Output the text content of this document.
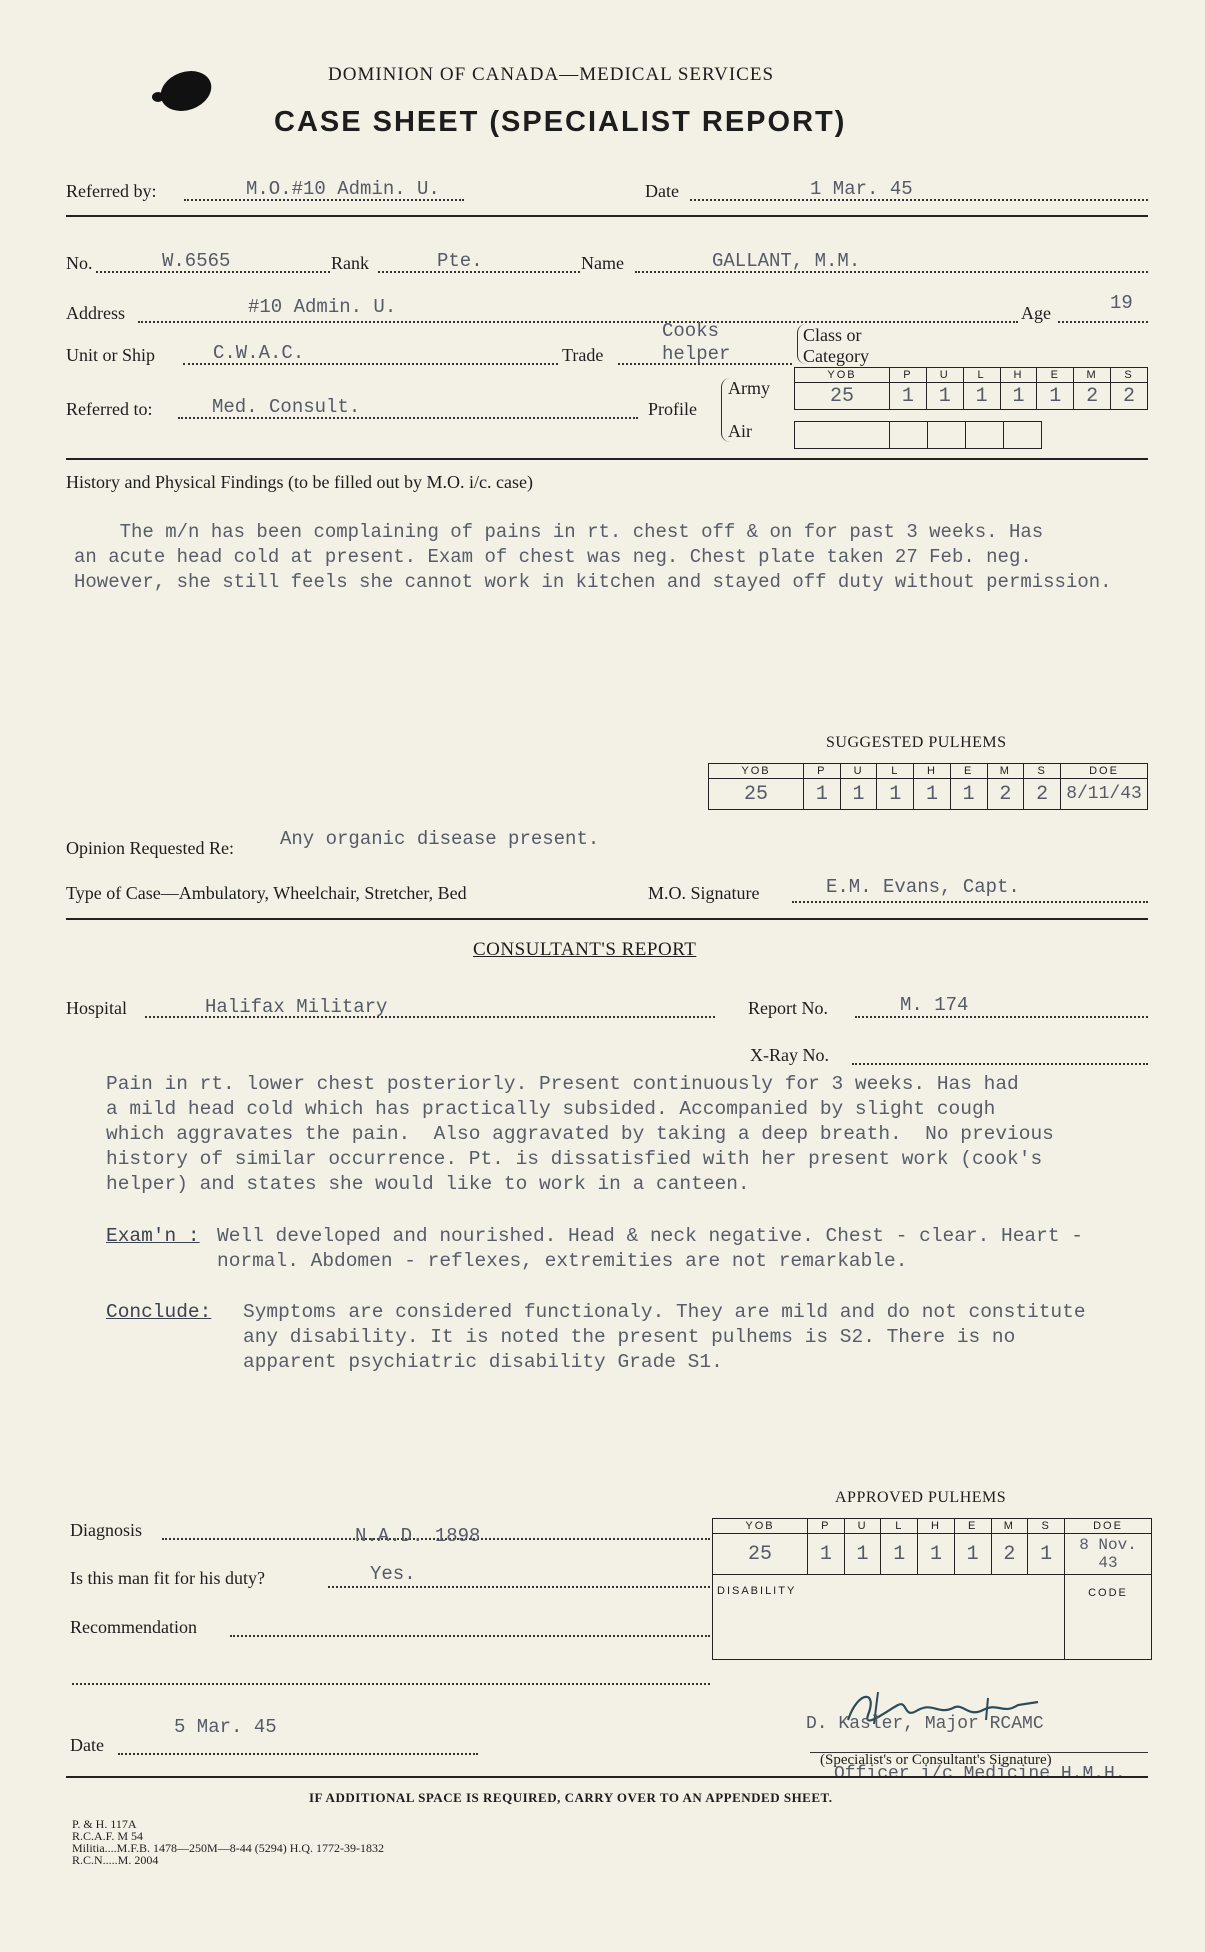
DOMINION OF CANADA—MEDICAL SERVICES
CASE SHEET (SPECIALIST REPORT)
Referred by:	M.O.#10 Admin. U.	Date	1 Mar. 45
No.	W.6565	Rank	Pte.	Name	GALLANT, M.M.
Address	#10 Admin. U.	Age	19
Unit or Ship	C.W.A.C.	Trade
Cooks
helper
Class or
Category
Referred to:	Med. Consult.	Profile
Army
Air
YOB	P	U	L	H	E	M	S
25	1	1	1	1	1	2	2

History and Physical Findings (to be filled out by M.O. i/c. case)
The m/n has been complaining of pains in rt. chest off & on for past 3 weeks. Has
an acute head cold at present. Exam of chest was neg. Chest plate taken 27 Feb. neg.
However, she still feels she cannot work in kitchen and stayed off duty without permission.
SUGGESTED PULHEMS
YOB	P	U	L	H	E	M	S	DOE
25	1	1	1	1	1	2	2	8/11/43
Opinion Requested Re: Any organic disease present.
Type of Case—Ambulatory, Wheelchair, Stretcher, Bed	M.O. Signature	E.M. Evans, Capt.
CONSULTANT'S REPORT
Hospital	Halifax Military	Report No.	M. 174
X-Ray No.
Pain in rt. lower chest posteriorly. Present continuously for 3 weeks. Has had
a mild head cold which has practically subsided. Accompanied by slight cough
which aggravates the pain.  Also aggravated by taking a deep breath.  No previous
history of similar occurrence. Pt. is dissatisfied with her present work (cook's
helper) and states she would like to work in a canteen.
Exam'n : Well developed and nourished. Head & neck negative. Chest - clear. Heart -
normal. Abdomen - reflexes, extremities are not remarkable.
Conclude: Symptoms are considered functionaly. They are mild and do not constitute
any disability. It is noted the present pulhems is S2. There is no
apparent psychiatric disability Grade S1.
APPROVED PULHEMS
YOB	P	U	L	H	E	M	S	DOE
25	1	1	1	1	1	2	1	8 Nov. 43
DISABILITY								CODE
Diagnosis	N.A.D. 1898
Is this man fit for his duty?	Yes.
Recommendation
Date
5 Mar. 45
D Kasler Maj
D. Kasler, Major RCAMC
(Specialist's or Consultant's Signature)
Officer i/c Medicine H.M.H.
IF ADDITIONAL SPACE IS REQUIRED, CARRY OVER TO AN APPENDED SHEET.
P. & H. 117A
R.C.A.F. M 54
Militia....M.F.B. 1478—250M—8-44 (5294) H.Q. 1772-39-1832
R.C.N.....M. 2004
